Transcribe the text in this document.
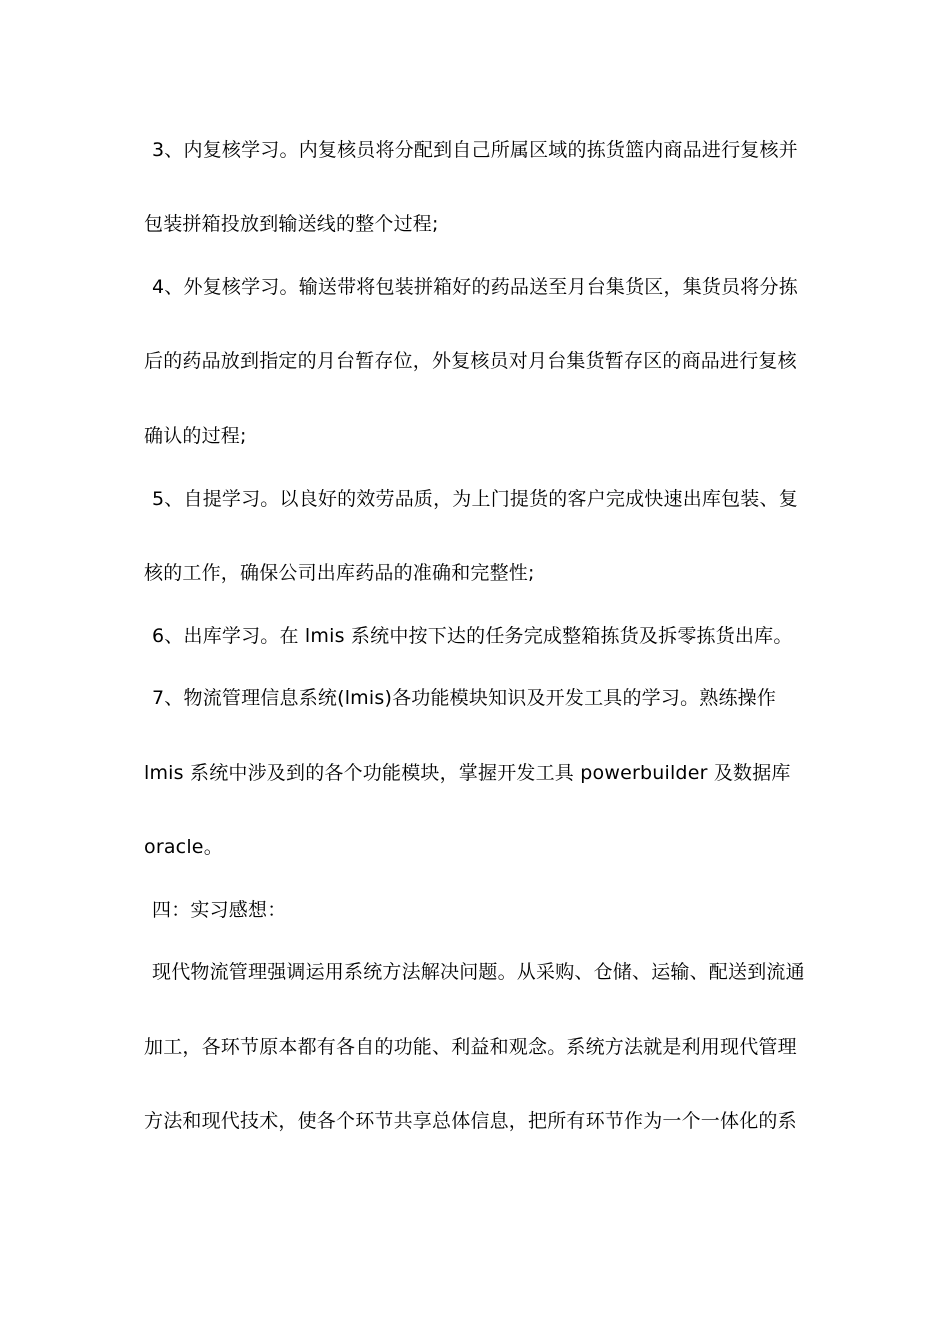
3、内复核学习。内复核员将分配到自己所属区域的拣货篮内商品进行复核并
包装拼箱投放到输送线的整个过程;
4、外复核学习。输送带将包装拼箱好的药品送至月台集货区，集货员将分拣
后的药品放到指定的月台暂存位，外复核员对月台集货暂存区的商品进行复核
确认的过程;
5、自提学习。以良好的效劳品质，为上门提货的客户完成快速出库包装、复
核的工作，确保公司出库药品的准确和完整性;
6、出库学习。在 lmis 系统中按下达的任务完成整箱拣货及拆零拣货出库。
7、物流管理信息系统(lmis)各功能模块知识及开发工具的学习。熟练操作
lmis 系统中涉及到的各个功能模块，掌握开发工具 powerbuilder 及数据库
oracle。
四：实习感想：
现代物流管理强调运用系统方法解决问题。从采购、仓储、运输、配送到流通
加工，各环节原本都有各自的功能、利益和观念。系统方法就是利用现代管理
方法和现代技术，使各个环节共享总体信息，把所有环节作为一个一体化的系
